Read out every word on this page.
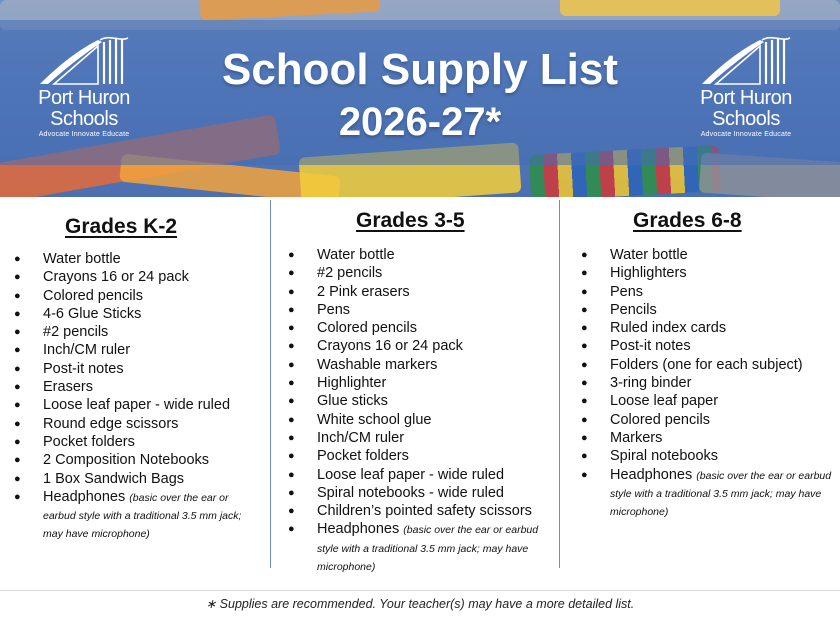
Port Huron
Schools
Advocate Innovate Educate
School Supply List
2026-27*
Port Huron
Schools
Advocate Innovate Educate
Grades K-2
● Water bottle
● Crayons 16 or 24 pack
● Colored pencils
● 4-6 Glue Sticks
● #2 pencils
● Inch/CM ruler
● Post-it notes
● Erasers
● Loose leaf paper - wide ruled
● Round edge scissors
● Pocket folders
● 2 Composition Notebooks
● 1 Box Sandwich Bags
● Headphones (basic over the ear or earbud style with a traditional 3.5 mm jack; may have microphone)
Grades 3-5
● Water bottle
● #2 pencils
● 2 Pink erasers
● Pens
● Colored pencils
● Crayons 16 or 24 pack
● Washable markers
● Highlighter
● Glue sticks
● White school glue
● Inch/CM ruler
● Pocket folders
● Loose leaf paper - wide ruled
● Spiral notebooks - wide ruled
● Children’s pointed safety scissors
● Headphones (basic over the ear or earbud style with a traditional 3.5 mm jack; may have microphone)
Grades 6-8
● Water bottle
● Highlighters
● Pens
● Pencils
● Ruled index cards
● Post-it notes
● Folders (one for each subject)
● 3-ring binder
● Loose leaf paper
● Colored pencils
● Markers
● Spiral notebooks
● Headphones (basic over the ear or earbud style with a traditional 3.5 mm jack; may have microphone)
∗ Supplies are recommended. Your teacher(s) may have a more detailed list.
